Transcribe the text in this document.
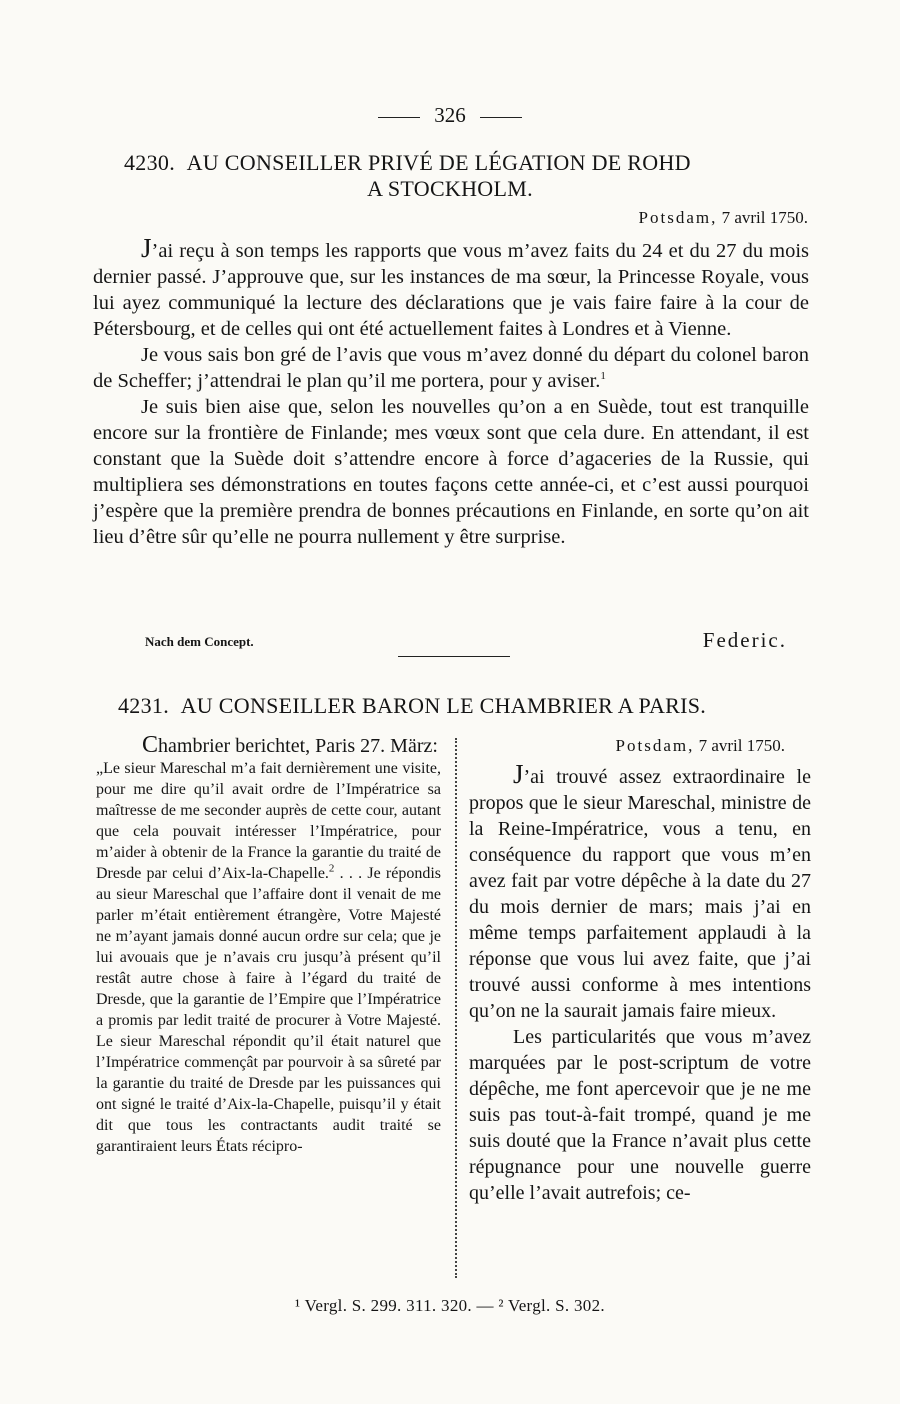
326
4230. AU CONSEILLER PRIVÉ DE LÉGATION DE ROHD
A STOCKHOLM.
Potsdam, 7 avril 1750.

J’ai reçu à son temps les rapports que vous m’avez faits du 24 et du 27 du mois dernier passé. J’approuve que, sur les instances de ma sœur, la Princesse Royale, vous lui ayez communiqué la lecture des déclarations que je vais faire faire à la cour de Pétersbourg, et de celles qui ont été actuellement faites à Londres et à Vienne.

Je vous sais bon gré de l’avis que vous m’avez donné du départ du colonel baron de Scheffer; j’attendrai le plan qu’il me portera, pour y aviser.$^1$

Je suis bien aise que, selon les nouvelles qu’on a en Suède, tout est tranquille encore sur la frontière de Finlande; mes vœux sont que cela dure. En attendant, il est constant que la Suède doit s’attendre encore à force d’agaceries de la Russie, qui multipliera ses démonstrations en toutes façons cette année-ci, et c’est aussi pourquoi j’espère que la première prendra de bonnes précautions en Finlande, en sorte qu’on ait lieu d’être sûr qu’elle ne pourra nullement y être surprise.

Nach dem Concept.	Federic.
4231. AU CONSEILLER BARON LE CHAMBRIER A PARIS.

Chambrier berichtet, Paris 27. März:

„Le sieur Mareschal m’a fait dernièrement une visite, pour me dire qu’il avait ordre de l’Impératrice sa maîtresse de me seconder auprès de cette cour, autant que cela pouvait intéresser l’Impératrice, pour m’aider à obtenir de la France la garantie du traité de Dresde par celui d’Aix-la-Chapelle.$^2$ . . . Je répondis au sieur Mareschal que l’affaire dont il venait de me parler m’était entièrement étrangère, Votre Majesté ne m’ayant jamais donné aucun ordre sur cela; que je lui avouais que je n’avais cru jusqu’à présent qu’il restât autre chose à faire à l’égard du traité de Dresde, que la garantie de l’Empire que l’Impératrice a promis par ledit traité de procurer à Votre Majesté. Le sieur Mareschal répondit qu’il était naturel que l’Impératrice commençât par pourvoir à sa sûreté par la garantie du traité de Dresde par les puissances qui ont signé le traité d’Aix-la-Chapelle, puisqu’il y était dit que tous les contractants audit traité se garantiraient leurs États récipro-

Potsdam, 7 avril 1750.

J’ai trouvé assez extraordinaire le propos que le sieur Mareschal, ministre de la Reine-Impératrice, vous a tenu, en conséquence du rapport que vous m’en avez fait par votre dépêche à la date du 27 du mois dernier de mars; mais j’ai en même temps parfaitement applaudi à la réponse que vous lui avez faite, que j’ai trouvé aussi conforme à mes intentions qu’on ne la saurait jamais faire mieux.

Les particularités que vous m’avez marquées par le post-scriptum de votre dépêche, me font apercevoir que je ne me suis pas tout-à-fait trompé, quand je me suis douté que la France n’avait plus cette répugnance pour une nouvelle guerre qu’elle l’avait autrefois; ce-

¹ Vergl. S. 299. 311. 320. — ² Vergl. S. 302.
